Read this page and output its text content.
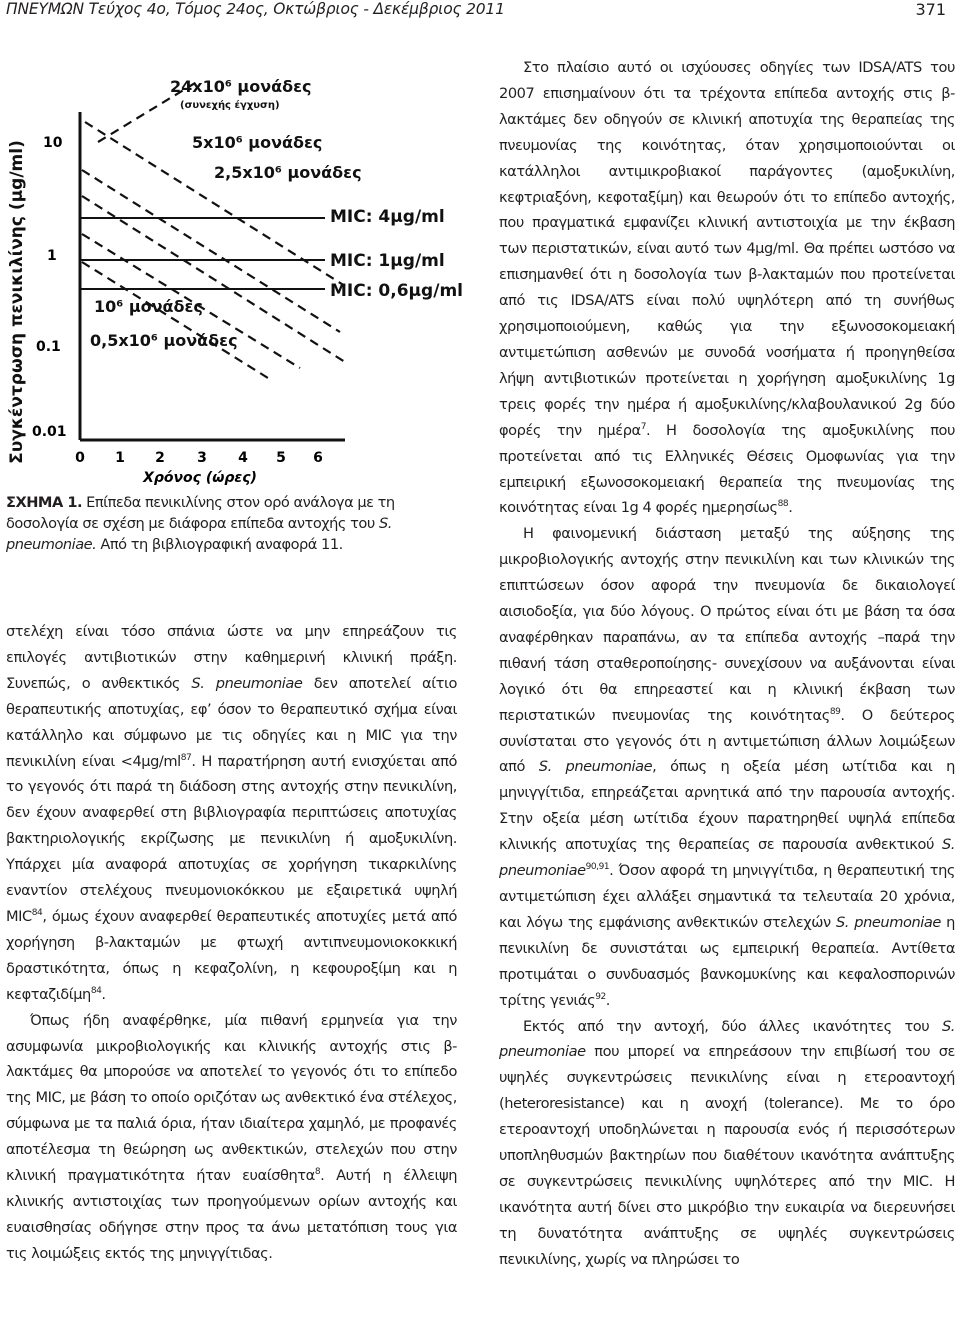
ΠΝΕΥΜΩΝ Τεύχος 4ο, Τόμος 24ος, Οκτώβριος - Δεκέμβριος 2011	371
Συγκέντρωση πενικιλίνης (μg/ml) 10
1
0.1
0.01
0 1 2 3 4 5 6
Χρόνος (ώρες)
24x10⁶ μονάδες
(συνεχής έγχυση)
5x10⁶ μονάδες
2,5x10⁶ μονάδες
MIC: 4μg/ml
MIC: 1μg/ml
10⁶ μονάδες
0,5x10⁶ μονάδες
MIC: 0,6μg/ml
ΣΧΗΜΑ 1. Επίπεδα πενικιλίνης στον ορό ανάλογα με τη δοσολογία σε σχέση με διάφορα επίπεδα αντοχής του S. pneumoniae. Από τη βιβλιογραφική αναφορά 11.

στελέχη είναι τόσο σπάνια ώστε να μην επηρεάζουν τις επιλογές αντιβιοτικών στην καθημερινή κλινική πράξη. Συνεπώς, ο ανθεκτικός S. pneumoniae δεν αποτελεί αίτιο θεραπευτικής αποτυχίας, εφ’ όσον το θεραπευτικό σχήμα είναι κατάλληλο και σύμφωνο με τις οδηγίες και η MIC για την πενικιλίνη $\varepsilon ί\nu\alpha\iota <4\mu g/ml^{87}$. Η παρατήρηση αυτή ενισχύεται από το γεγονός ότι παρά τη διάδοση στης αντοχής στην πενικιλίνη, δεν έχουν αναφερθεί στη βιβλιογραφία περιπτώσεις αποτυχίας βακτηριολογικής εκρίζωσης με πενικιλίνη ή αμοξυκιλίνη. Υπάρχει μία αναφορά αποτυχίας σε χορήγηση τικαρκιλίνης εναντίον στελέχους πνευμονιοκόκκου με εξαιρετικά υψηλή MIC$^{84}$, όμως έχουν αναφερθεί θεραπευτικές αποτυχίες μετά από χορήγηση β-λακταμών με φτωχή αντιπνευμονιοκοκκική δραστικότητα, όπως η κεφαζολίνη, η κεφουροξίμη και η κεφταζιδίμη$^{84}$.

Όπως ήδη αναφέρθηκε, μία πιθανή ερμηνεία για την ασυμφωνία μικροβιολογικής και κλινικής αντοχής στις β-λακτάμες θα μπορούσε να αποτελεί το γεγονός ότι το επίπεδο της MIC, με βάση το οποίο οριζόταν ως ανθεκτικό ένα στέλεχος, σύμφωνα με τα παλιά όρια, ήταν ιδιαίτερα χαμηλό, με προφανές αποτέλεσμα τη θεώρηση ως ανθεκτικών, στελεχών που στην κλινική πραγματικότητα ήταν ευαίσθητα$^8$. Αυτή η έλλειψη κλινικής αντιστοιχίας των προηγούμενων ορίων αντοχής και ευαισθησίας οδήγησε στην προς τα άνω μετατόπιση τους για τις λοιμώξεις εκτός της μηνιγγίτιδας.

Στο πλαίσιο αυτό οι ισχύουσες οδηγίες των IDSA/ATS του 2007 επισημαίνουν ότι τα τρέχοντα επίπεδα αντοχής στις β-λακτάμες δεν οδηγούν σε κλινική αποτυχία της θεραπείας της πνευμονίας της κοινότητας, όταν χρησιμοποιούνται οι κατάλληλοι αντιμικροβιακοί παράγοντες (αμοξυκιλίνη, κεφτριαξόνη, κεφοταξίμη) και θεωρούν ότι το επίπεδο αντοχής, που πραγματικά εμφανίζει κλινική αντιστοιχία με την έκβαση των περιστατικών, είναι αυτό των 4μg/ml. Θα πρέπει ωστόσο να επισημανθεί ότι η δοσολογία των β-λακταμών που προτείνεται από τις IDSA/ATS είναι πολύ υψηλότερη από τη συνήθως χρησιμοποιούμενη, καθώς για την εξωνοσοκομειακή αντιμετώπιση ασθενών με συνοδά νοσήματα ή προηγηθείσα λήψη αντιβιοτικών προτείνεται η χορήγηση αμοξυκιλίνης 1g τρεις φορές την ημέρα ή αμοξυκιλίνης/κλαβουλανικού 2g δύο φορές την ημέρα$^7$. Η δοσολογία της αμοξυκιλίνης που προτείνεται από τις Ελληνικές Θέσεις Ομοφωνίας για την εμπειρική εξωνοσοκομειακή θεραπεία της πνευμονίας της κοινότητας είναι 1g 4 φορές ημερησίως$^{88}$.

Η φαινομενική διάσταση μεταξύ της αύξησης της μικροβιολογικής αντοχής στην πενικιλίνη και των κλινικών της επιπτώσεων όσον αφορά την πνευμονία δε δικαιολογεί αισιοδοξία, για δύο λόγους. Ο πρώτος είναι ότι με βάση τα όσα αναφέρθηκαν παραπάνω, αν τα επίπεδα αντοχής –παρά την πιθανή τάση σταθεροποίησης- συνεχίσουν να αυξάνονται είναι λογικό ότι θα επηρεαστεί και η κλινική έκβαση των περιστατικών πνευμονίας της κοινότητας$^{89}$. Ο δεύτερος συνίσταται στο γεγονός ότι η αντιμετώπιση άλλων λοιμώξεων από S. pneumoniae, όπως η οξεία μέση ωτίτιδα και η μηνιγγίτιδα, επηρεάζεται αρνητικά από την παρουσία αντοχής. Στην οξεία μέση ωτίτιδα έχουν παρατηρηθεί υψηλά επίπεδα κλινικής αποτυχίας της θεραπείας σε παρουσία ανθεκτικού S. pneumoniae$^{90,91}$. Όσον αφορά τη μηνιγγίτιδα, η θεραπευτική της αντιμετώπιση έχει αλλάξει σημαντικά τα τελευταία 20 χρόνια, και λόγω της εμφάνισης ανθεκτικών στελεχών S. pneumoniae η πενικιλίνη δε συνιστάται ως εμπειρική θεραπεία. Αντίθετα προτιμάται ο συνδυασμός βανκομυκίνης και κεφαλοσπορινών τρίτης γενιάς$^{92}$.

Εκτός από την αντοχή, δύο άλλες ικανότητες του S. pneumoniae που μπορεί να επηρεάσουν την επιβίωσή του σε υψηλές συγκεντρώσεις πενικιλίνης είναι η ετεροαντοχή (heteroresistance) και η ανοχή (tolerance). Με το όρο ετεροαντοχή υποδηλώνεται η παρουσία ενός ή περισσότερων υποπληθυσμών βακτηρίων που διαθέτουν ικανότητα ανάπτυξης σε συγκεντρώσεις πενικιλίνης υψηλότερες από την MIC. Η ικανότητα αυτή δίνει στο μικρόβιο την ευκαιρία να διερευνήσει τη δυνατότητα ανάπτυξης σε υψηλές συγκεντρώσεις πενικιλίνης, χωρίς να πληρώσει το
